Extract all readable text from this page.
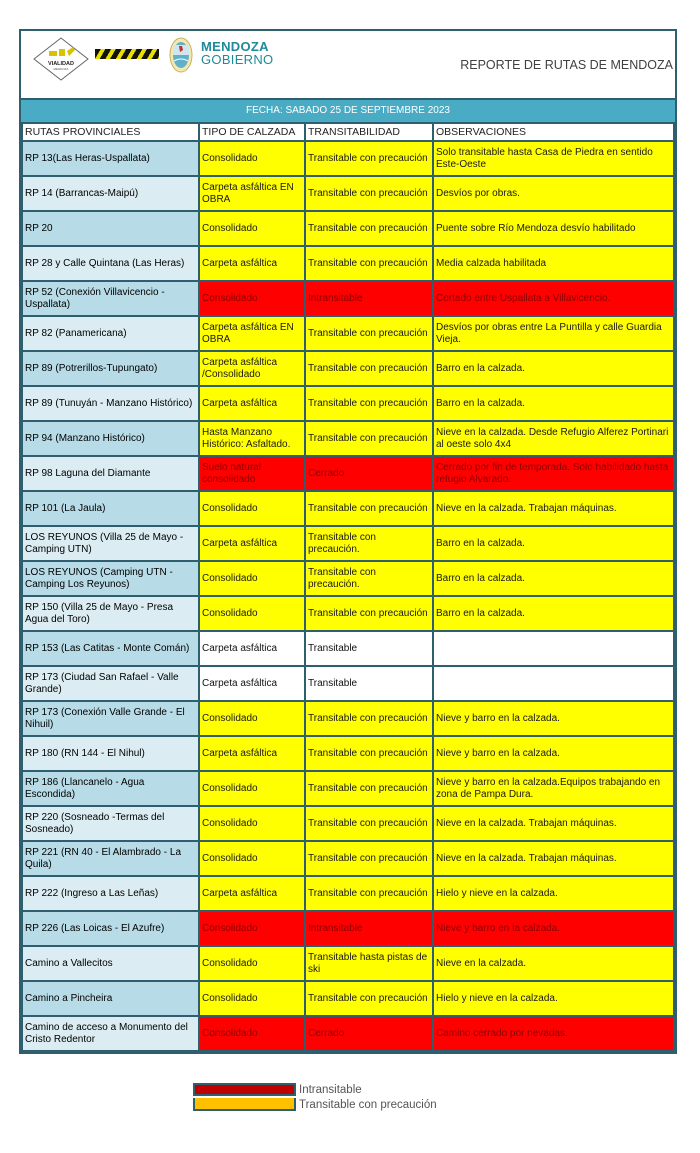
VIALIDAD
MENDOZA
MENDOZA
GOBIERNO	REPORTE DE RUTAS DE MENDOZA
FECHA: SABADO 25 DE SEPTIEMBRE 2023
RUTAS PROVINCIALES	TIPO DE CALZADA	TRANSITABILIDAD	OBSERVACIONES
RP 13(Las Heras-Uspallata)	Consolidado	Transitable con precaución	Solo transitable hasta Casa de Piedra en sentido Este-Oeste
RP 14 (Barrancas-Maipú)	Carpeta asfáltica EN OBRA	Transitable con precaución	Desvíos por obras.
RP 20	Consolidado	Transitable con precaución	Puente sobre Río Mendoza desvío habilitado
RP 28 y Calle Quintana (Las Heras)	Carpeta asfáltica	Transitable con precaución	Media calzada habilitada
RP 52 (Conexión Villavicencio - Uspallata)	Consolidado	Intransitable	Cortado entre Uspallata a Villavicencio.
RP 82 (Panamericana)	Carpeta asfáltica EN OBRA	Transitable con precaución	Desvíos por obras entre La Puntilla y calle Guardia Vieja.
RP 89 (Potrerillos-Tupungato)	Carpeta asfáltica /Consolidado	Transitable con precaución	Barro en la calzada.
RP 89 (Tunuyán - Manzano Histórico)	Carpeta asfáltica	Transitable con precaución	Barro en la calzada.
RP 94 (Manzano Histórico)	Hasta Manzano Histórico: Asfaltado.	Transitable con precaución	Nieve en la calzada. Desde Refugio Alferez Portinari al oeste solo 4x4
RP 98 Laguna del Diamante	Suelo natural consolidado	Cerrado	Cerrado por fin de temporada. Solo habilidado hasta refugio Alvarado.
RP 101 (La Jaula)	Consolidado	Transitable con precaución	Nieve en la calzada. Trabajan máquinas.
LOS REYUNOS (Villa 25 de Mayo - Camping UTN)	Carpeta asfáltica	Transitable con precaución.	Barro en la calzada.
LOS REYUNOS (Camping UTN - Camping Los Reyunos)	Consolidado	Transitable con precaución.	Barro en la calzada.
RP 150 (Villa 25 de Mayo - Presa Agua del Toro)	Consolidado	Transitable con precaución	Barro en la calzada.
RP 153 (Las Catitas - Monte Comán)	Carpeta asfáltica	Transitable	
RP 173 (Ciudad San Rafael - Valle Grande)	Carpeta asfáltica	Transitable	
RP 173 (Conexión Valle Grande - El Nihuil)	Consolidado	Transitable con precaución	Nieve y barro en la calzada.
RP 180 (RN 144 - El Nihul)	Carpeta asfáltica	Transitable con precaución	Nieve y barro en la calzada.
RP 186 (Llancanelo - Agua Escondida)	Consolidado	Transitable con precaución	Nieve y barro en la calzada.Equipos trabajando en zona de Pampa Dura.
RP 220 (Sosneado -Termas del Sosneado)	Consolidado	Transitable con precaución	Nieve en la calzada. Trabajan máquinas.
RP 221 (RN 40 - El Alambrado - La Quila)	Consolidado	Transitable con precaución	Nieve en la calzada. Trabajan máquinas.
RP 222 (Ingreso a Las Leñas)	Carpeta asfáltica	Transitable con precaución	Hielo y nieve en la calzada.
RP 226 (Las Loicas - El Azufre)	Consolidado	Intransitable	Nieve y barro en la calzada.
Camino a Vallecitos	Consolidado	Transitable hasta pistas de ski	Nieve en la calzada.
Camino a Pincheira	Consolidado	Transitable con precaución	Hielo y nieve en la calzada.
Camino de acceso a Monumento del Cristo Redentor	Consolidado	Cerrado	Camino cerrado por nevadas.
Intransitable
Transitable con precaución
